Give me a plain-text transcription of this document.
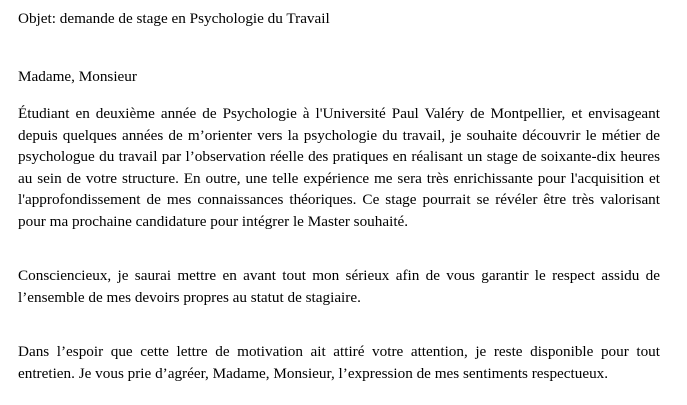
Objet: demande de stage en Psychologie du Travail
Madame, Monsieur
Étudiant en deuxième année de Psychologie à l'Université Paul Valéry de Montpellier, et envisageant depuis quelques années de m’orienter vers la psychologie du travail, je souhaite découvrir le métier de psychologue du travail par l’observation réelle des pratiques en réalisant un stage de soixante-dix heures au sein de votre structure. En outre, une telle expérience me sera très enrichissante pour l'acquisition et l'approfondissement de mes connaissances théoriques. Ce stage pourrait se révéler être très valorisant pour ma prochaine candidature pour intégrer le Master souhaité.
Consciencieux, je saurai mettre en avant tout mon sérieux afin de vous garantir le respect assidu de l’ensemble de mes devoirs propres au statut de stagiaire.
Dans l’espoir que cette lettre de motivation ait attiré votre attention, je reste disponible pour tout entretien. Je vous prie d’agréer, Madame, Monsieur, l’expression de mes sentiments respectueux.
